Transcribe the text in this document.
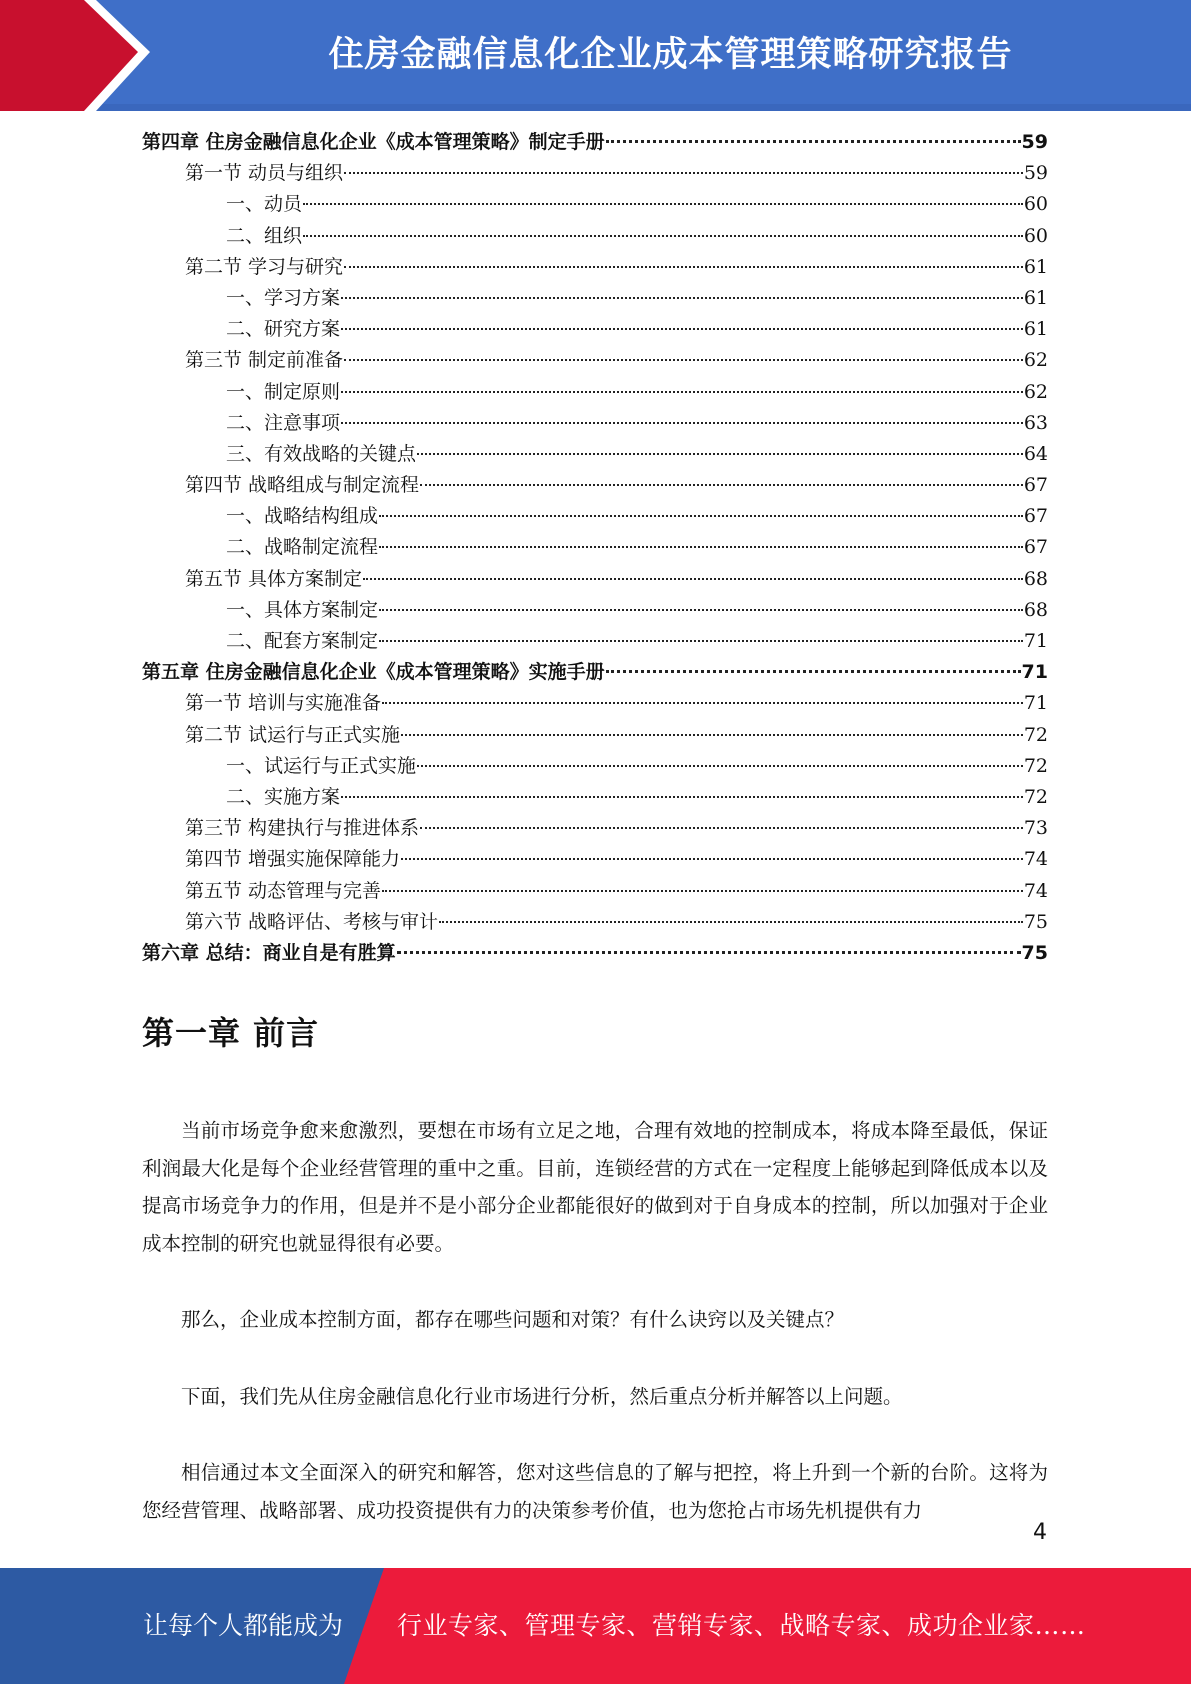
住房金融信息化企业成本管理策略研究报告
第四章 住房金融信息化企业《成本管理策略》制定手册	59
第一节 动员与组织	59
一、动员	60
二、组织	60
第二节 学习与研究	61
一、学习方案	61
二、研究方案	61
第三节 制定前准备	62
一、制定原则	62
二、注意事项	63
三、有效战略的关键点	64
第四节 战略组成与制定流程	67
一、战略结构组成	67
二、战略制定流程	67
第五节 具体方案制定	68
一、具体方案制定	68
二、配套方案制定	71
第五章 住房金融信息化企业《成本管理策略》实施手册	71
第一节 培训与实施准备	71
第二节 试运行与正式实施	72
一、试运行与正式实施	72
二、实施方案	72
第三节 构建执行与推进体系	73
第四节 增强实施保障能力	74
第五节 动态管理与完善	74
第六节 战略评估、考核与审计	75
第六章 总结：商业自是有胜算	75
第一章 前言

当前市场竞争愈来愈激烈，要想在市场有立足之地，合理有效地的控制成本，将成本降至最低，保证利润最大化是每个企业经营管理的重中之重。目前，连锁经营的方式在一定程度上能够起到降低成本以及提高市场竞争力的作用，但是并不是小部分企业都能很好的做到对于自身成本的控制，所以加强对于企业成本控制的研究也就显得很有必要。

那么，企业成本控制方面，都存在哪些问题和对策？有什么诀窍以及关键点？

下面，我们先从住房金融信息化行业市场进行分析，然后重点分析并解答以上问题。

相信通过本文全面深入的研究和解答，您对这些信息的了解与把控，将上升到一个新的台阶。这将为您经营管理、战略部署、成功投资提供有力的决策参考价值，也为您抢占市场先机提供有力

4
让每个人都能成为 行业专家、管理专家、营销专家、战略专家、成功企业家……
